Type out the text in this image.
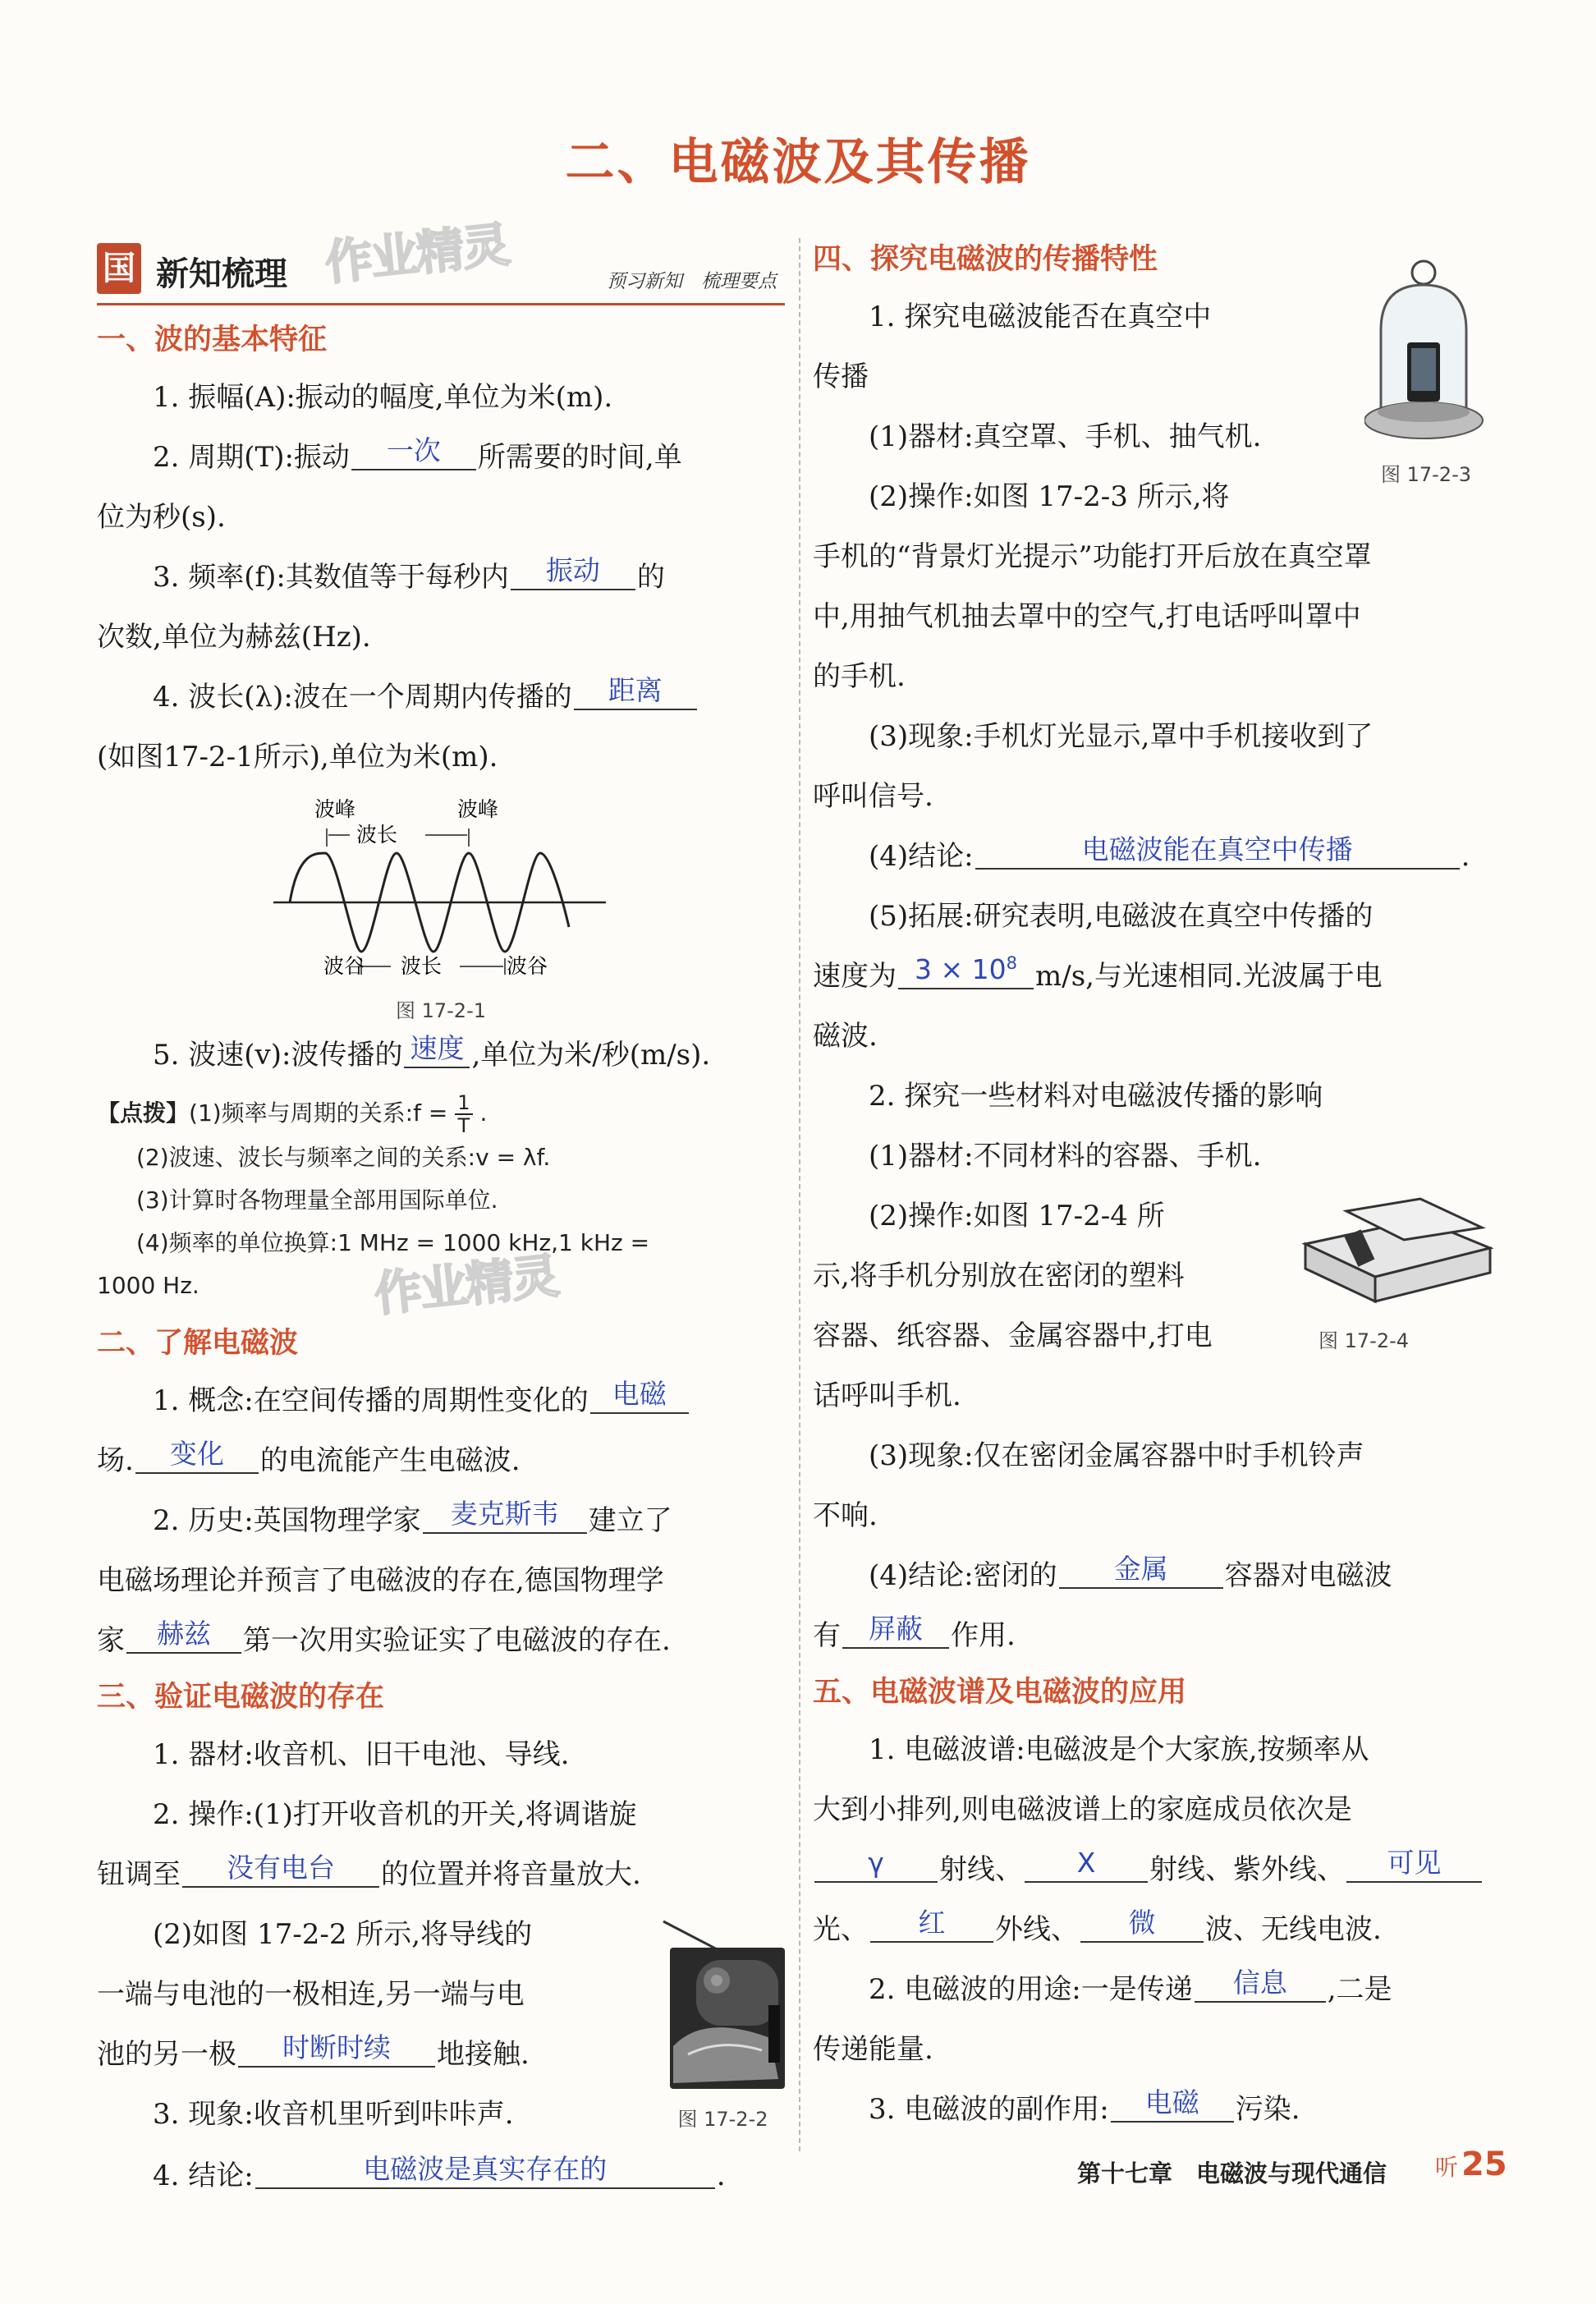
二、电磁波及其传播
作业精灵
作业精灵
国 新知梳理	预习新知　梳理要点
一、波的基本特征
1. 振幅(A):振动的幅度,单位为米(m).
2. 周期(T):振动 一次 所需要的时间,单
位为秒(s).
3. 频率(f):其数值等于每秒内 振动 的
次数,单位为赫兹(Hz).
4. 波长(λ):波在一个周期内传播的 距离
(如图17-2-1所示),单位为米(m).
波峰	波峰
波长
波谷 波长	波谷
图 17-2-1
5. 波速(v):波传播的 速度 ,单位为米/秒(m/s).
【点拨】(1)频率与周期的关系:f = $\frac{1}{T}$ .
(2)波速、波长与频率之间的关系:v = λf.
(3)计算时各物理量全部用国际单位.
(4)频率的单位换算:1 MHz = 1000 kHz,1 kHz =
1000 Hz.
二、了解电磁波
1. 概念:在空间传播的周期性变化的 电磁
场. 变化 的电流能产生电磁波.
2. 历史:英国物理学家 麦克斯韦 建立了
电磁场理论并预言了电磁波的存在,德国物理学
家 赫兹 第一次用实验证实了电磁波的存在.
三、验证电磁波的存在
1. 器材:收音机、旧干电池、导线.
2. 操作:(1)打开收音机的开关,将调谐旋
钮调至 没有电台 的位置并将音量放大.
(2)如图 17-2-2 所示,将导线的
一端与电池的一极相连,另一端与电
池的另一极 时断时续 地接触.
3. 现象:收音机里听到咔咔声.	图 17-2-2
4. 结论:	电磁波是真实存在的	.
四、探究电磁波的传播特性
1. 探究电磁波能否在真空中
传播
(1)器材:真空罩、手机、抽气机.
(2)操作:如图 17-2-3 所示,将
图 17-2-3
手机的“背景灯光提示”功能打开后放在真空罩
中,用抽气机抽去罩中的空气,打电话呼叫罩中
的手机.
(3)现象:手机灯光显示,罩中手机接收到了
呼叫信号.
(4)结论:	电磁波能在真空中传播	.
(5)拓展:研究表明,电磁波在真空中传播的
速度为 $3 \times 10^8$ m/s,与光速相同.光波属于电
磁波.
2. 探究一些材料对电磁波传播的影响
(1)器材:不同材料的容器、手机.
(2)操作:如图 17-2-4 所
示,将手机分别放在密闭的塑料
容器、纸容器、金属容器中,打电
话呼叫手机.
图 17-2-4
(3)现象:仅在密闭金属容器中时手机铃声
不响.
(4)结论:密闭的 金属 容器对电磁波
有 屏蔽 作用.
五、电磁波谱及电磁波的应用
1. 电磁波谱:电磁波是个大家族,按频率从
大到小排列,则电磁波谱上的家庭成员依次是
γ 射线、 X 射线、紫外线、 可见
光、 红 外线、 微 波、无线电波.
2. 电磁波的用途:一是传递 信息 ,二是
传递能量.
3. 电磁波的副作用: 电磁 污染.
第十七章　电磁波与现代通信 听 25
